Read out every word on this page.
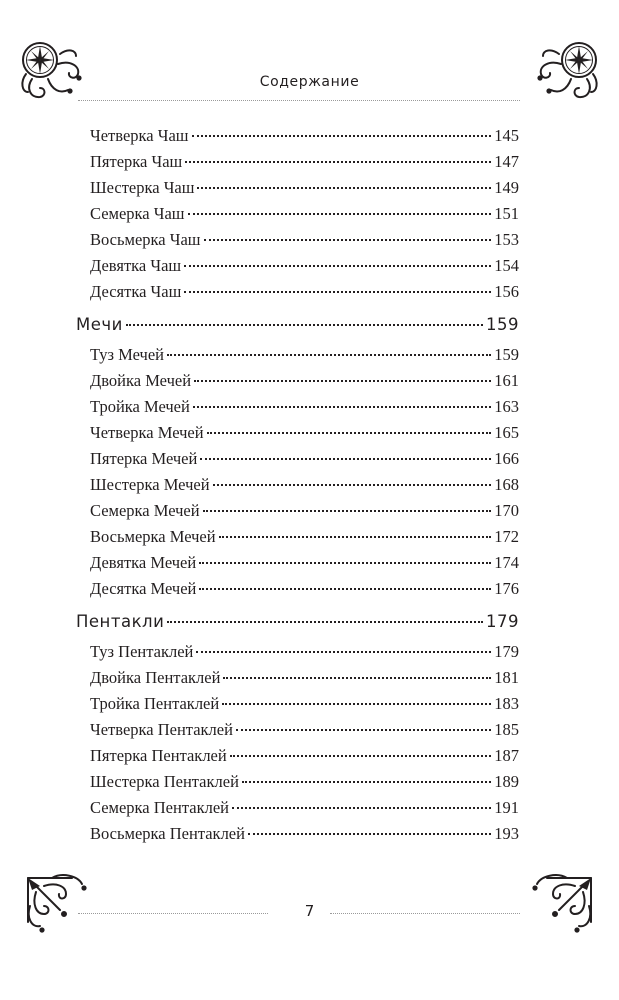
Содержание
Четверка Чаш	145
Пятерка Чаш	147
Шестерка Чаш	149
Семерка Чаш	151
Восьмерка Чаш	153
Девятка Чаш	154
Десятка Чаш	156
Мечи	159
Туз Мечей	159
Двойка Мечей	161
Тройка Мечей	163
Четверка Мечей	165
Пятерка Мечей	166
Шестерка Мечей	168
Семерка Мечей	170
Восьмерка Мечей	172
Девятка Мечей	174
Десятка Мечей	176
Пентакли	179
Туз Пентаклей	179
Двойка Пентаклей	181
Тройка Пентаклей	183
Четверка Пентаклей	185
Пятерка Пентаклей	187
Шестерка Пентаклей	189
Семерка Пентаклей	191
Восьмерка Пентаклей	193
7
